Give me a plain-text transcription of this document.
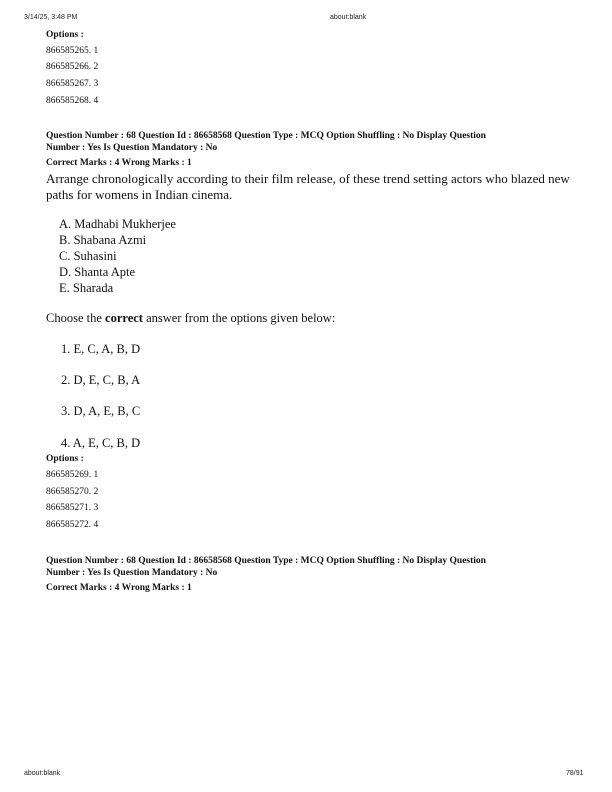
3/14/25, 3:48 PM	about:blank
Options :
866585265. 1
866585266. 2
866585267. 3
866585268. 4
Question Number : 68 Question Id : 86658568 Question Type : MCQ Option Shuffling : No Display Question
Number : Yes Is Question Mandatory : No
Correct Marks : 4 Wrong Marks : 1
Arrange chronologically according to their film release, of these trend setting actors who blazed new paths for womens in Indian cinema.
A. Madhabi Mukherjee
B. Shabana Azmi
C. Suhasini
D. Shanta Apte
E. Sharada
Choose the correct answer from the options given below:
1. E, C, A, B, D
2. D, E, C, B, A
3. D, A, E, B, C
4. A, E, C, B, D
Options :
866585269. 1
866585270. 2
866585271. 3
866585272. 4
Question Number : 68 Question Id : 86658568 Question Type : MCQ Option Shuffling : No Display Question
Number : Yes Is Question Mandatory : No
Correct Marks : 4 Wrong Marks : 1
about:blank	78/91
